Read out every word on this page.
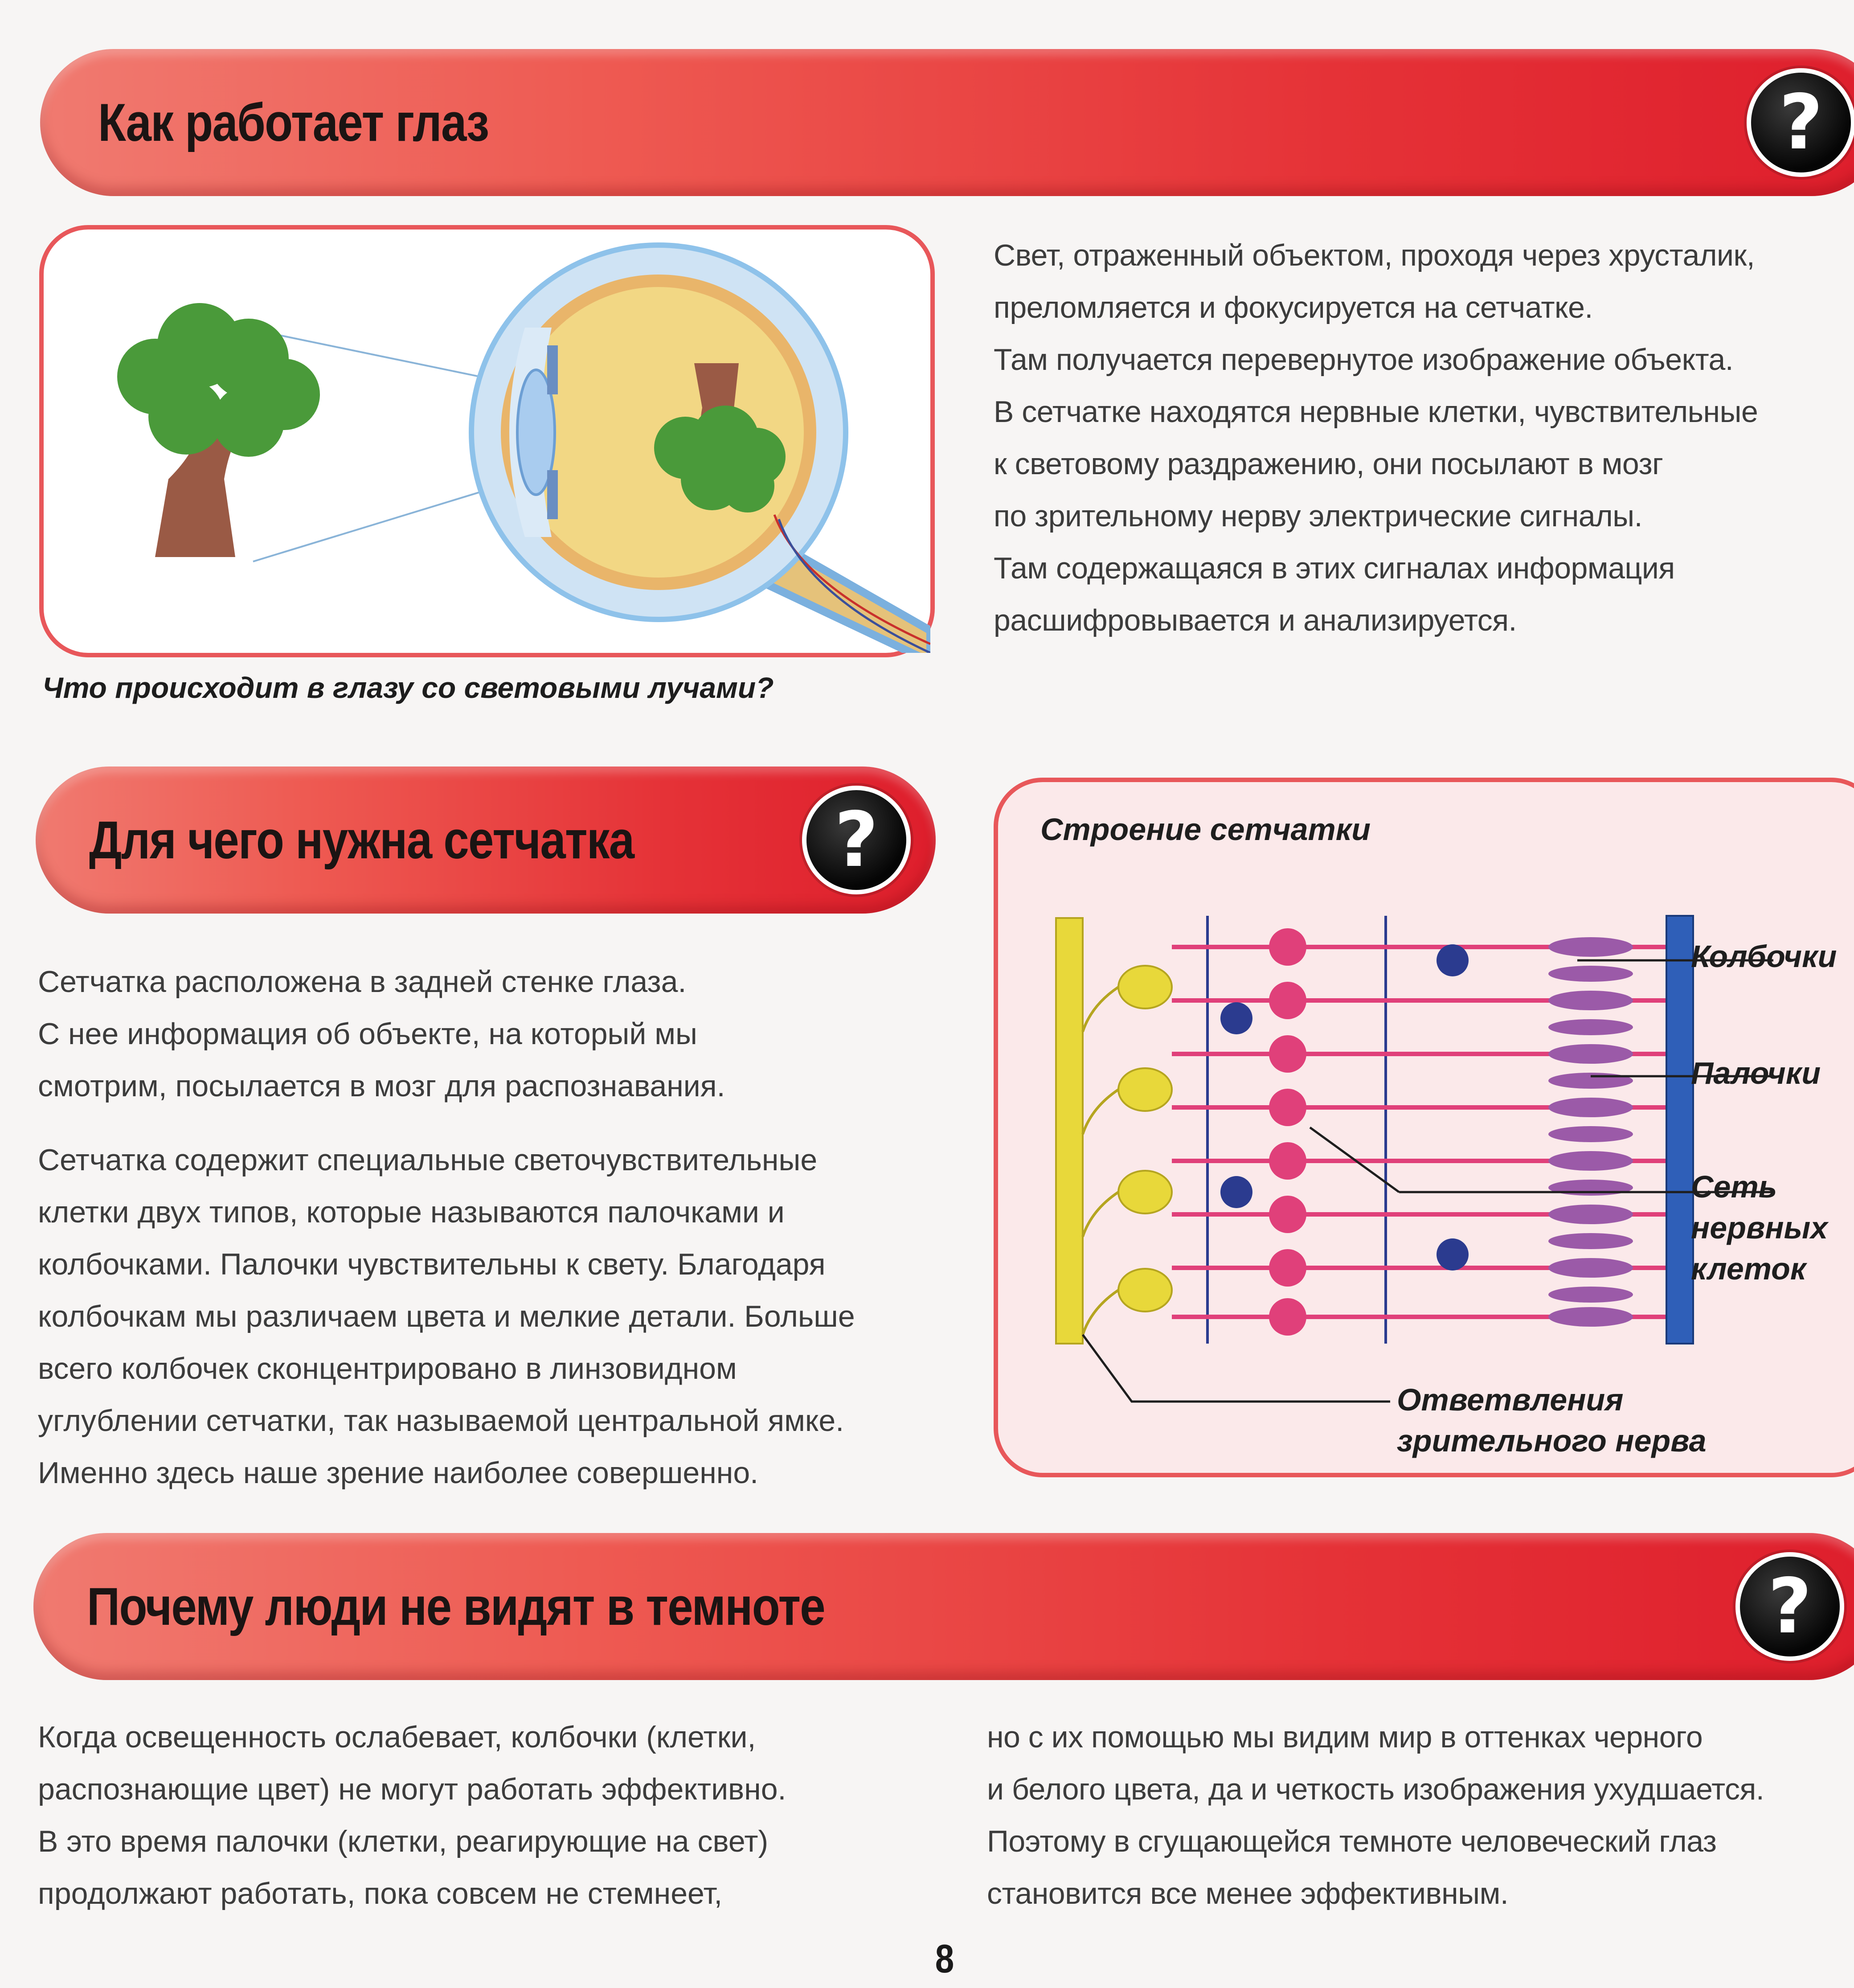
Как работает глаз	?
Что происходит в глазу со световыми лучами?

Свет, отраженный объектом, проходя через хрусталик,
преломляется и фокусируется на сетчатке.
Там получается перевернутое изображение объекта.
В сетчатке находятся нервные клетки, чувствительные
к световому раздражению, они посылают в мозг
по зрительному нерву электрические сигналы.
Там содержащаяся в этих сигналах информация
расшифровывается и анализируется.

Для чего нужна сетчатка	?

Сетчатка расположена в задней стенке глаза.
С нее информация об объекте, на который мы
смотрим, посылается в мозг для распознавания.

Сетчатка содержит специальные светочувствительные
клетки двух типов, которые называются палочками и
колбочками. Палочки чувствительны к свету. Благодаря
колбочкам мы различаем цвета и мелкие детали. Больше
всего колбочек сконцентрировано в линзовидном
углублении сетчатки, так называемой центральной ямке.
Именно здесь наше зрение наиболее совершенно.

Строение сетчатки
Колбочки
Палочки
Сеть
нервных
клеток
Ответвления
зрительного нерва
Почему люди не видят в темноте	?

Когда освещенность ослабевает, колбочки (клетки,
распознающие цвет) не могут работать эффективно.
В это время палочки (клетки, реагирующие на свет)
продолжают работать, пока совсем не стемнеет,

но с их помощью мы видим мир в оттенках черного
и белого цвета, да и четкость изображения ухудшается.
Поэтому в сгущающейся темноте человеческий глаз
становится все менее эффективным.

8
